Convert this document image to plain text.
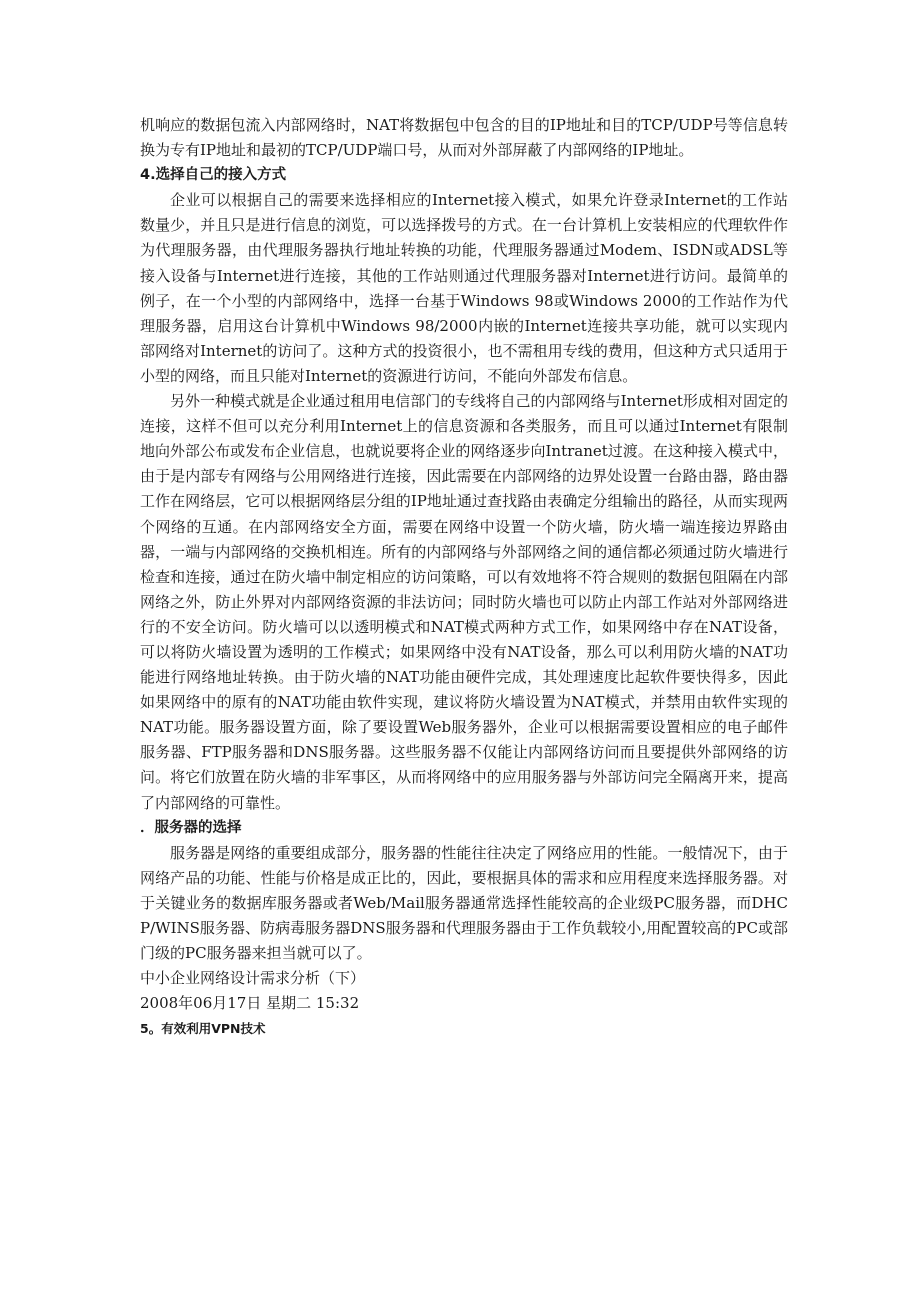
机响应的数据包流入内部网络时，NAT将数据包中包含的目的IP地址和目的TCP/UDP号等信息转换为专有IP地址和最初的TCP/UDP端口号，从而对外部屏蔽了内部网络的IP地址。

4.选择自己的接入方式

企业可以根据自己的需要来选择相应的Internet接入模式，如果允许登录Internet的工作站数量少，并且只是进行信息的浏览，可以选择拨号的方式。在一台计算机上安装相应的代理软件作为代理服务器，由代理服务器执行地址转换的功能，代理服务器通过Modem、ISDN或ADSL等接入设备与Internet进行连接，其他的工作站则通过代理服务器对Internet进行访问。最简单的例子，在一个小型的内部网络中，选择一台基于Windows 98或Windows 2000的工作站作为代理服务器，启用这台计算机中Windows 98/2000内嵌的Internet连接共享功能，就可以实现内部网络对Internet的访问了。这种方式的投资很小，也不需租用专线的费用，但这种方式只适用于小型的网络，而且只能对Internet的资源进行访问，不能向外部发布信息。

另外一种模式就是企业通过租用电信部门的专线将自己的内部网络与Internet形成相对固定的连接，这样不但可以充分利用Internet上的信息资源和各类服务，而且可以通过Internet有限制地向外部公布或发布企业信息，也就说要将企业的网络逐步向Intranet过渡。在这种接入模式中，由于是内部专有网络与公用网络进行连接，因此需要在内部网络的边界处设置一台路由器，路由器工作在网络层，它可以根据网络层分组的IP地址通过查找路由表确定分组输出的路径，从而实现两个网络的互通。在内部网络安全方面，需要在网络中设置一个防火墙，防火墙一端连接边界路由器，一端与内部网络的交换机相连。所有的内部网络与外部网络之间的通信都必须通过防火墙进行检查和连接，通过在防火墙中制定相应的访问策略，可以有效地将不符合规则的数据包阻隔在内部网络之外，防止外界对内部网络资源的非法访问；同时防火墙也可以防止内部工作站对外部网络进行的不安全访问。防火墙可以以透明模式和NAT模式两种方式工作，如果网络中存在NAT设备，可以将防火墙设置为透明的工作模式；如果网络中没有NAT设备，那么可以利用防火墙的NAT功能进行网络地址转换。由于防火墙的NAT功能由硬件完成，其处理速度比起软件要快得多，因此如果网络中的原有的NAT功能由软件实现，建议将防火墙设置为NAT模式，并禁用由软件实现的NAT功能。服务器设置方面，除了要设置Web服务器外，企业可以根据需要设置相应的电子邮件服务器、FTP服务器和DNS服务器。这些服务器不仅能让内部网络访问而且要提供外部网络的访问。将它们放置在防火墙的非军事区，从而将网络中的应用服务器与外部访问完全隔离开来，提高了内部网络的可靠性。

．服务器的选择

服务器是网络的重要组成部分，服务器的性能往往决定了网络应用的性能。一般情况下，由于网络产品的功能、性能与价格是成正比的，因此，要根据具体的需求和应用程度来选择服务器。对于关键业务的数据库服务器或者Web/Mail服务器通常选择性能较高的企业级PC服务器，而DHCP/WINS服务器、防病毒服务器DNS服务器和代理服务器由于工作负载较小,用配置较高的PC或部门级的PC服务器来担当就可以了。

中小企业网络设计需求分析（下）

2008年06月17日 星期二 15:32

5。有效利用VPN技术
